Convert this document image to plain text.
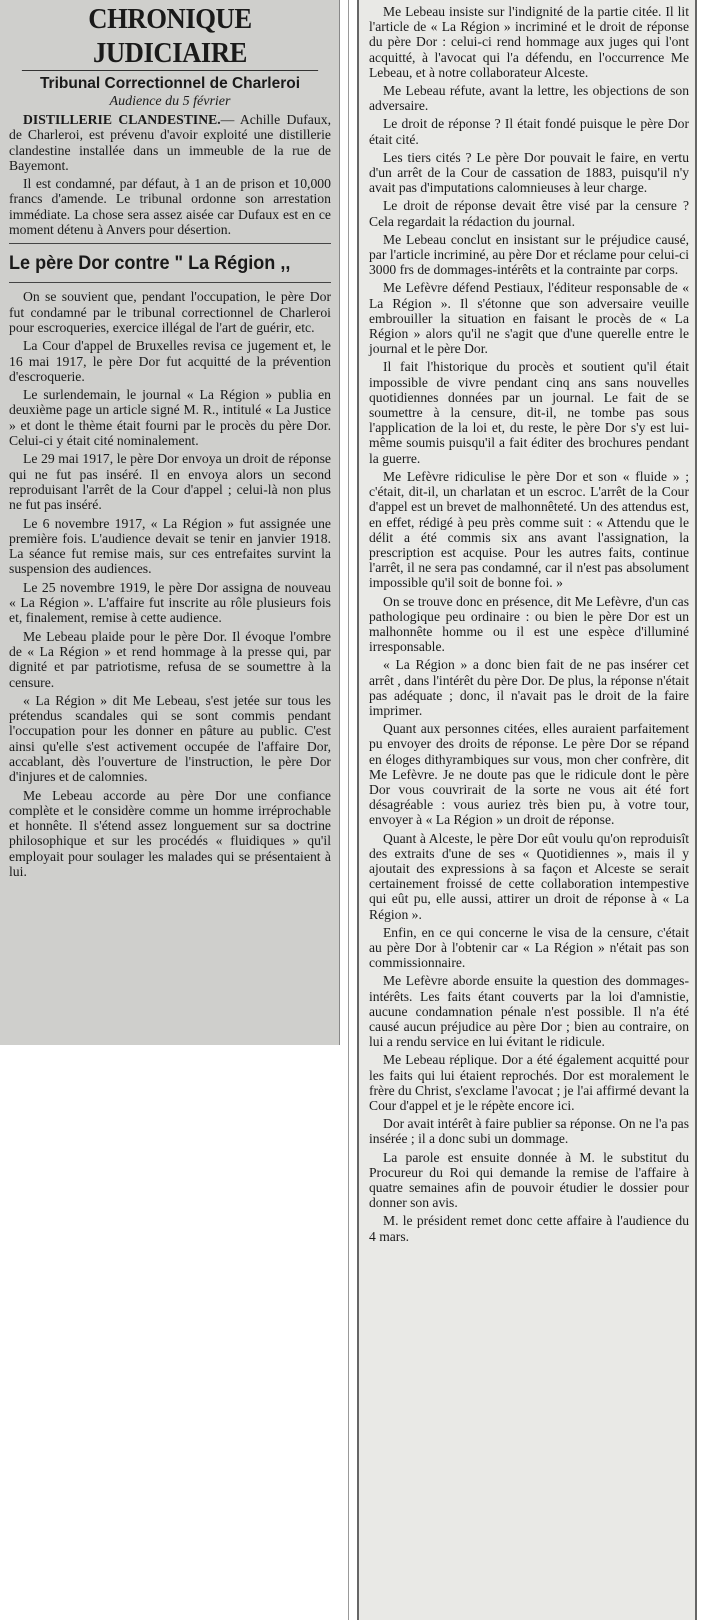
CHRONIQUE JUDICIAIRE
Tribunal Correctionnel de Charleroi
Audience du 5 février

DISTILLERIE CLANDESTINE.— Achille Dufaux, de Charleroi, est prévenu d'avoir exploité une distillerie clandestine installée dans un immeuble de la rue de Bayemont.

Il est condamné, par défaut, à 1 an de prison et 10,000 francs d'amende. Le tribunal ordonne son arrestation immédiate. La chose sera assez aisée car Dufaux est en ce moment détenu à Anvers pour désertion.

Le père Dor contre " La Région ,,

On se souvient que, pendant l'occupation, le père Dor fut condamné par le tribunal correctionnel de Charleroi pour escroqueries, exercice illégal de l'art de guérir, etc.

La Cour d'appel de Bruxelles revisa ce jugement et, le 16 mai 1917, le père Dor fut acquitté de la prévention d'escroquerie.

Le surlendemain, le journal « La Région » publia en deuxième page un article signé M. R., intitulé « La Justice » et dont le thème était fourni par le procès du père Dor. Celui-ci y était cité nominalement.

Le 29 mai 1917, le père Dor envoya un droit de réponse qui ne fut pas inséré. Il en envoya alors un second reproduisant l'arrêt de la Cour d'appel ; celui-là non plus ne fut pas inséré.

Le 6 novembre 1917, « La Région » fut assignée une première fois. L'audience devait se tenir en janvier 1918. La séance fut remise mais, sur ces entrefaites survint la suspension des audiences.

Le 25 novembre 1919, le père Dor assigna de nouveau « La Région ». L'affaire fut inscrite au rôle plusieurs fois et, finalement, remise à cette audience.

Me Lebeau plaide pour le père Dor. Il évoque l'ombre de « La Région » et rend hommage à la presse qui, par dignité et par patriotisme, refusa de se soumettre à la censure.

« La Région » dit Me Lebeau, s'est jetée sur tous les prétendus scandales qui se sont commis pendant l'occupation pour les donner en pâture au public. C'est ainsi qu'elle s'est activement occupée de l'affaire Dor, accablant, dès l'ouverture de l'instruction, le père Dor d'injures et de calomnies.

Me Lebeau accorde au père Dor une confiance complète et le considère comme un homme irréprochable et honnête. Il s'étend assez longuement sur sa doctrine philosophique et sur les procédés « fluidiques » qu'il employait pour soulager les malades qui se présentaient à lui.

Me Lebeau insiste sur l'indignité de la partie citée. Il lit l'article de « La Région » incriminé et le droit de réponse du père Dor : celui-ci rend hommage aux juges qui l'ont acquitté, à l'avocat qui l'a défendu, en l'occurrence Me Lebeau, et à notre collaborateur Alceste.

Me Lebeau réfute, avant la lettre, les objections de son adversaire.

Le droit de réponse ? Il était fondé puisque le père Dor était cité.

Les tiers cités ? Le père Dor pouvait le faire, en vertu d'un arrêt de la Cour de cassation de 1883, puisqu'il n'y avait pas d'imputations calomnieuses à leur charge.

Le droit de réponse devait être visé par la censure ? Cela regardait la rédaction du journal.

Me Lebeau conclut en insistant sur le préjudice causé, par l'article incriminé, au père Dor et réclame pour celui-ci 3000 frs de dommages-intérêts et la contrainte par corps.

Me Lefèvre défend Pestiaux, l'éditeur responsable de « La Région ». Il s'étonne que son adversaire veuille embrouiller la situation en faisant le procès de « La Région » alors qu'il ne s'agit que d'une querelle entre le journal et le père Dor.

Il fait l'historique du procès et soutient qu'il était impossible de vivre pendant cinq ans sans nouvelles quotidiennes données par un journal. Le fait de se soumettre à la censure, dit-il, ne tombe pas sous l'application de la loi et, du reste, le père Dor s'y est lui-même soumis puisqu'il a fait éditer des brochures pendant la guerre.

Me Lefèvre ridiculise le père Dor et son « fluide » ; c'était, dit-il, un charlatan et un escroc. L'arrêt de la Cour d'appel est un brevet de malhonnêteté. Un des attendus est, en effet, rédigé à peu près comme suit : « Attendu que le délit a été commis six ans avant l'assignation, la prescription est acquise. Pour les autres faits, continue l'arrêt, il ne sera pas condamné, car il n'est pas absolument impossible qu'il soit de bonne foi. »

On se trouve donc en présence, dit Me Lefèvre, d'un cas pathologique peu ordinaire : ou bien le père Dor est un malhonnête homme ou il est une espèce d'illuminé irresponsable.

« La Région » a donc bien fait de ne pas insérer cet arrêt , dans l'intérêt du père Dor. De plus, la réponse n'était pas adéquate ; donc, il n'avait pas le droit de la faire imprimer.

Quant aux personnes citées, elles auraient parfaitement pu envoyer des droits de réponse. Le père Dor se répand en éloges dithyrambiques sur vous, mon cher confrère, dit Me Lefèvre. Je ne doute pas que le ridicule dont le père Dor vous couvrirait de la sorte ne vous ait été fort désagréable : vous auriez très bien pu, à votre tour, envoyer à « La Région » un droit de réponse.

Quant à Alceste, le père Dor eût voulu qu'on reproduisît des extraits d'une de ses « Quotidiennes », mais il y ajoutait des expressions à sa façon et Alceste se serait certainement froissé de cette collaboration intempestive qui eût pu, elle aussi, attirer un droit de réponse à « La Région ».

Enfin, en ce qui concerne le visa de la censure, c'était au père Dor à l'obtenir car « La Région » n'était pas son commissionnaire.

Me Lefèvre aborde ensuite la question des dommages-intérêts. Les faits étant couverts par la loi d'amnistie, aucune condamnation pénale n'est possible. Il n'a été causé aucun préjudice au père Dor ; bien au contraire, on lui a rendu service en lui évitant le ridicule.

Me Lebeau réplique. Dor a été également acquitté pour les faits qui lui étaient reprochés. Dor est moralement le frère du Christ, s'exclame l'avocat ; je l'ai affirmé devant la Cour d'appel et je le répète encore ici.

Dor avait intérêt à faire publier sa réponse. On ne l'a pas insérée ; il a donc subi un dommage.

La parole est ensuite donnée à M. le substitut du Procureur du Roi qui demande la remise de l'affaire à quatre semaines afin de pouvoir étudier le dossier pour donner son avis.

M. le président remet donc cette affaire à l'audience du 4 mars.
